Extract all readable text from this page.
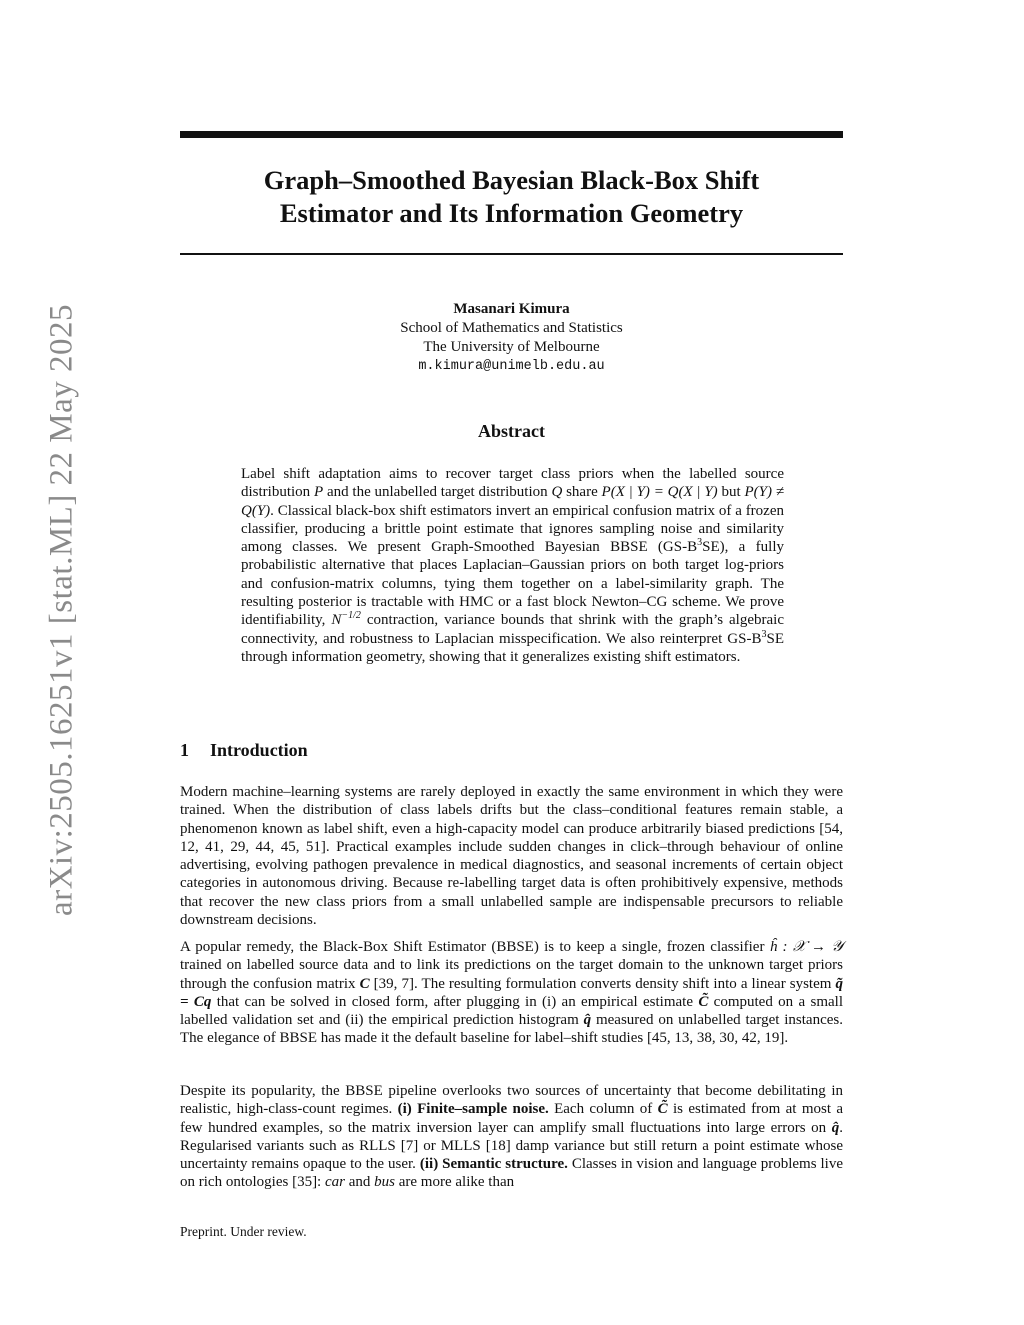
arXiv:2505.16251v1 [stat.ML] 22 May 2025
Graph–Smoothed Bayesian Black-Box Shift
Estimator and Its Information Geometry
Masanari Kimura
School of Mathematics and Statistics
The University of Melbourne
m.kimura@unimelb.edu.au
Abstract
Label shift adaptation aims to recover target class priors when the labelled source distribution P and the unlabelled target distribution Q share P(X | Y) = Q(X | Y) but P(Y) ≠ Q(Y). Classical black-box shift estimators invert an empirical confusion matrix of a frozen classifier, producing a brittle point estimate that ignores sampling noise and similarity among classes. We present Graph-Smoothed Bayesian BBSE $(GS-B^3SE)$, a fully probabilistic alternative that places Laplacian–Gaussian priors on both target log-priors and confusion-matrix columns, tying them together on a label-similarity graph. The resulting posterior is tractable with HMC or a fast block Newton–CG scheme. We prove identifiability, $N^{-1/2}$ contraction, variance bounds that shrink with the graph’s algebraic connectivity, and robustness to Laplacian misspecification. We also reinterpret $GS-B^3SE$ through information geometry, showing that it generalizes existing shift estimators.
1 Introduction
Modern machine–learning systems are rarely deployed in exactly the same environment in which they were trained. When the distribution of class labels drifts but the class–conditional features remain stable, a phenomenon known as label shift, even a high-capacity model can produce arbitrarily biased predictions [54, 12, 41, 29, 44, 45, 51]. Practical examples include sudden changes in click–through behaviour of online advertising, evolving pathogen prevalence in medical diagnostics, and seasonal increments of certain object categories in autonomous driving. Because re-labelling target data is often prohibitively expensive, methods that recover the new class priors from a small unlabelled sample are indispensable precursors to reliable downstream decisions.
A popular remedy, the Black-Box Shift Estimator (BBSE) is to keep a single, frozen classifier ĥ : 𝒳 → 𝒴 trained on labelled source data and to link its predictions on the target domain to the unknown target priors through the confusion matrix C [39, 7]. The resulting formulation converts density shift into a linear system q̃ = Cq that can be solved in closed form, after plugging in (i) an empirical estimate C̃ computed on a small labelled validation set and (ii) the empirical prediction histogram q̂ measured on unlabelled target instances. The elegance of BBSE has made it the default baseline for label–shift studies [45, 13, 38, 30, 42, 19].
Despite its popularity, the BBSE pipeline overlooks two sources of uncertainty that become debilitating in realistic, high-class-count regimes. (i) Finite–sample noise. Each column of C̃ is estimated from at most a few hundred examples, so the matrix inversion layer can amplify small fluctuations into large errors on q̂. Regularised variants such as RLLS [7] or MLLS [18] damp variance but still return a point estimate whose uncertainty remains opaque to the user. (ii) Semantic structure. Classes in vision and language problems live on rich ontologies [35]: car and bus are more alike than
Preprint. Under review.
